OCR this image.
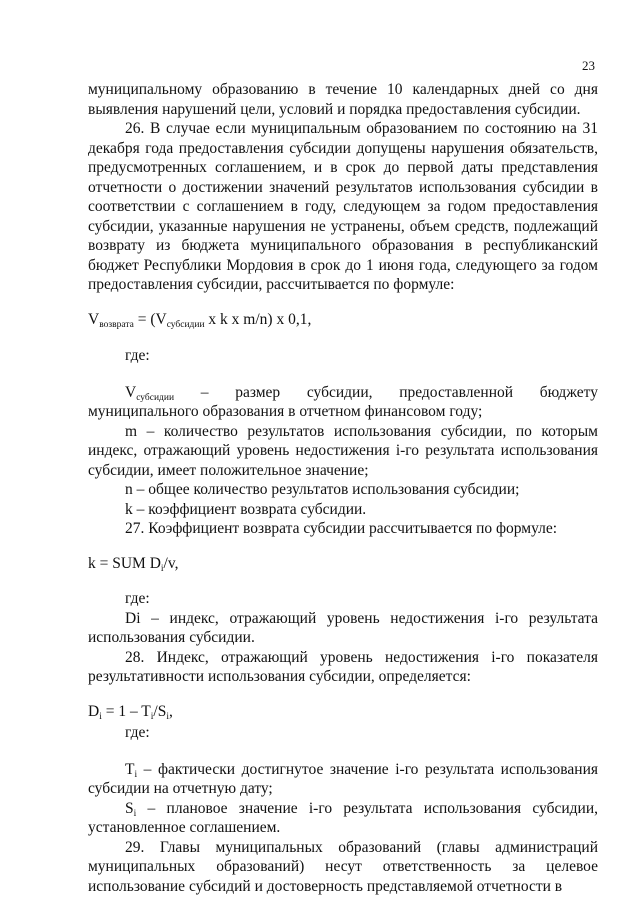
23

муниципальному образованию в течение 10 календарных дней со дня выявления нарушений цели, условий и порядка предоставления субсидии.

26. В случае если муниципальным образованием по состоянию на 31 декабря года предоставления субсидии допущены нарушения обязательств, предусмотренных соглашением, и в срок до первой даты представления отчетности о достижении значений результатов использования субсидии в соответствии с соглашением в году, следующем за годом предоставления субсидии, указанные нарушения не устранены, объем средств, подлежащий возврату из бюджета муниципального образования в республиканский бюджет Республики Мордовия в срок до 1 июня года, следующего за годом предоставления субсидии, рассчитывается по формуле:

$V_{возврата} = (V_{субсидии}$ x k x m/n) x 0,1,

где:

$V_{субсидии}$ – размер субсидии, предоставленной бюджету муниципального образования в отчетном финансовом году;

m – количество результатов использования субсидии, по которым индекс, отражающий уровень недостижения i-го результата использования субсидии, имеет положительное значение;

n – общее количество результатов использования субсидии;

k – коэффициент возврата субсидии.

27. Коэффициент возврата субсидии рассчитывается по формуле:

k = SUM $D_i/v$,

где:

Di – индекс, отражающий уровень недостижения i-го результата использования субсидии.

28. Индекс, отражающий уровень недостижения i-го показателя результативности использования субсидии, определяется:

$D_i = 1 - T_i/S_i$,

где:

$T_i$ – фактически достигнутое значение i-го результата использования субсидии на отчетную дату;

$S_i$ – плановое значение i-го результата использования субсидии, установленное соглашением.

29. Главы муниципальных образований (главы администраций муниципальных образований) несут ответственность за целевое использование субсидий и достоверность представляемой отчетности в
